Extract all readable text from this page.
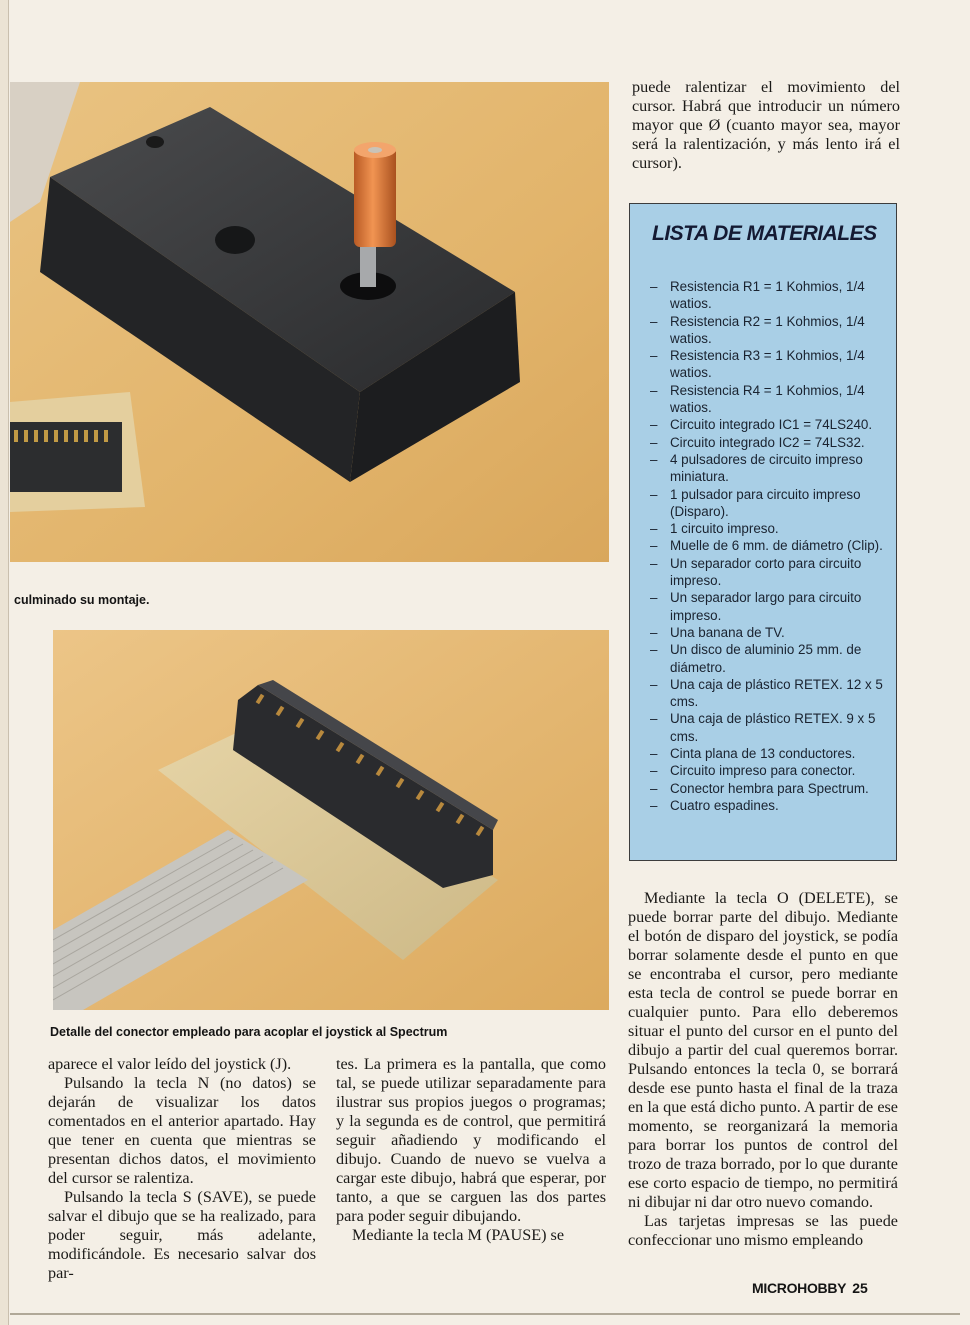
culminado su montaje.
Detalle del conector empleado para acoplar el joystick al Spectrum

puede ralentizar el movimiento del cursor. Habrá que introducir un número mayor que Ø (cuanto mayor sea, mayor será la ralentización, y más lento irá el cursor).

LISTA DE MATERIALES
– Resistencia R1 = 1 Kohmios, 1/4 watios.
– Resistencia R2 = 1 Kohmios, 1/4 watios.
– Resistencia R3 = 1 Kohmios, 1/4 watios.
– Resistencia R4 = 1 Kohmios, 1/4 watios.
– Circuito integrado IC1 = 74LS240.
– Circuito integrado IC2 = 74LS32.
– 4 pulsadores de circuito impreso miniatura.
– 1 pulsador para circuito impreso (Disparo).
– 1 circuito impreso.
– Muelle de 6 mm. de diámetro (Clip).
– Un separador corto para circuito impreso.
– Un separador largo para circuito impreso.
– Una banana de TV.
– Un disco de aluminio 25 mm. de diámetro.
– Una caja de plástico RETEX. 12 x 5 cms.
– Una caja de plástico RETEX. 9 x 5 cms.
– Cinta plana de 13 conductores.
– Circuito impreso para conector.
– Conector hembra para Spectrum.
– Cuatro espadines.

aparece el valor leído del joystick (J).

Pulsando la tecla N (no datos) se dejarán de visualizar los datos comentados en el anterior apartado. Hay que tener en cuenta que mientras se presentan dichos datos, el movimiento del cursor se ralentiza.

Pulsando la tecla S (SAVE), se puede salvar el dibujo que se ha realizado, para poder seguir, más adelante, modificándole. Es necesario salvar dos par-

tes. La primera es la pantalla, que como tal, se puede utilizar separadamente para ilustrar sus propios juegos o programas; y la segunda es de control, que permitirá seguir añadiendo y modificando el dibujo. Cuando de nuevo se vuelva a cargar este dibujo, habrá que esperar, por tanto, a que se carguen las dos partes para poder seguir dibujando.

Mediante la tecla M (PAUSE) se

Mediante la tecla O (DELETE), se puede borrar parte del dibujo. Mediante el botón de disparo del joystick, se podía borrar solamente desde el punto en que se encontraba el cursor, pero mediante esta tecla de control se puede borrar en cualquier punto. Para ello deberemos situar el punto del cursor en el punto del dibujo a partir del cual queremos borrar. Pulsando entonces la tecla 0, se borrará desde ese punto hasta el final de la traza en la que está dicho punto. A partir de ese momento, se reorganizará la memoria para borrar los puntos de control del trozo de traza borrado, por lo que durante ese corto espacio de tiempo, no permitirá ni dibujar ni dar otro nuevo comando.

Las tarjetas impresas se las puede confeccionar uno mismo empleando

MICROHOBBY 25
